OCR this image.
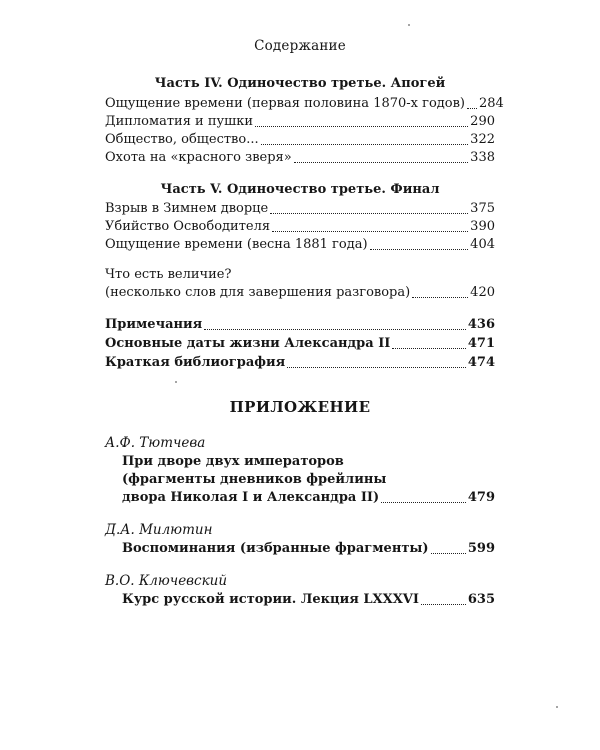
Содержание
Часть IV. Одиночество третье. Апогей
Ощущение времени (первая половина 1870-х годов) 284
Дипломатия и пушки	290
Общество, общество...	322
Охота на «красного зверя»	338
Часть V. Одиночество третье. Финал
Взрыв в Зимнем дворце	375
Убийство Освободителя	390
Ощущение времени (весна 1881 года)	404
Что есть величие?
(несколько слов для завершения разговора)	420
Примечания	436
Основные даты жизни Александра II	471
Краткая библиография	474
ПРИЛОЖЕНИЕ
А.Ф. Тютчева
При дворе двух императоров
(фрагменты дневников фрейлины
двора Николая I и Александра II)	479
Д.А. Милютин
Воспоминания (избранные фрагменты)	599
В.О. Ключевский
Курс русской истории. Лекция LXXXVI	635
